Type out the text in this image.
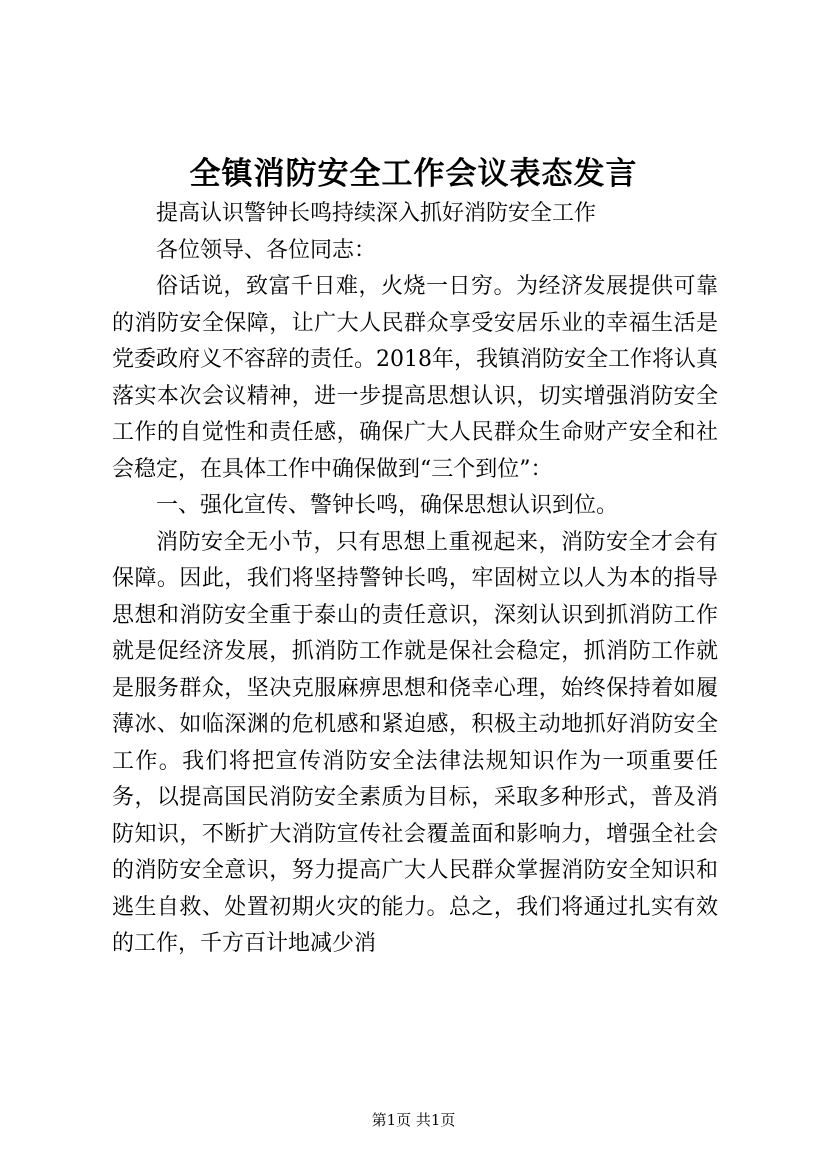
全镇消防安全工作会议表态发言

提高认识警钟长鸣持续深入抓好消防安全工作

各位领导、各位同志：

俗话说，致富千日难，火烧一日穷。为经济发展提供可靠的消防安全保障，让广大人民群众享受安居乐业的幸福生活是党委政府义不容辞的责任。2018年，我镇消防安全工作将认真落实本次会议精神，进一步提高思想认识，切实增强消防安全工作的自觉性和责任感，确保广大人民群众生命财产安全和社会稳定，在具体工作中确保做到“三个到位”：

一、强化宣传、警钟长鸣，确保思想认识到位。

消防安全无小节，只有思想上重视起来，消防安全才会有保障。因此，我们将坚持警钟长鸣，牢固树立以人为本的指导思想和消防安全重于泰山的责任意识，深刻认识到抓消防工作就是促经济发展，抓消防工作就是保社会稳定，抓消防工作就是服务群众，坚决克服麻痹思想和侥幸心理，始终保持着如履薄冰、如临深渊的危机感和紧迫感，积极主动地抓好消防安全工作。我们将把宣传消防安全法律法规知识作为一项重要任务，以提高国民消防安全素质为目标，采取多种形式，普及消防知识，不断扩大消防宣传社会覆盖面和影响力，增强全社会的消防安全意识，努力提高广大人民群众掌握消防安全知识和逃生自救、处置初期火灾的能力。总之，我们将通过扎实有效的工作，千方百计地减少消

第1页 共1页
